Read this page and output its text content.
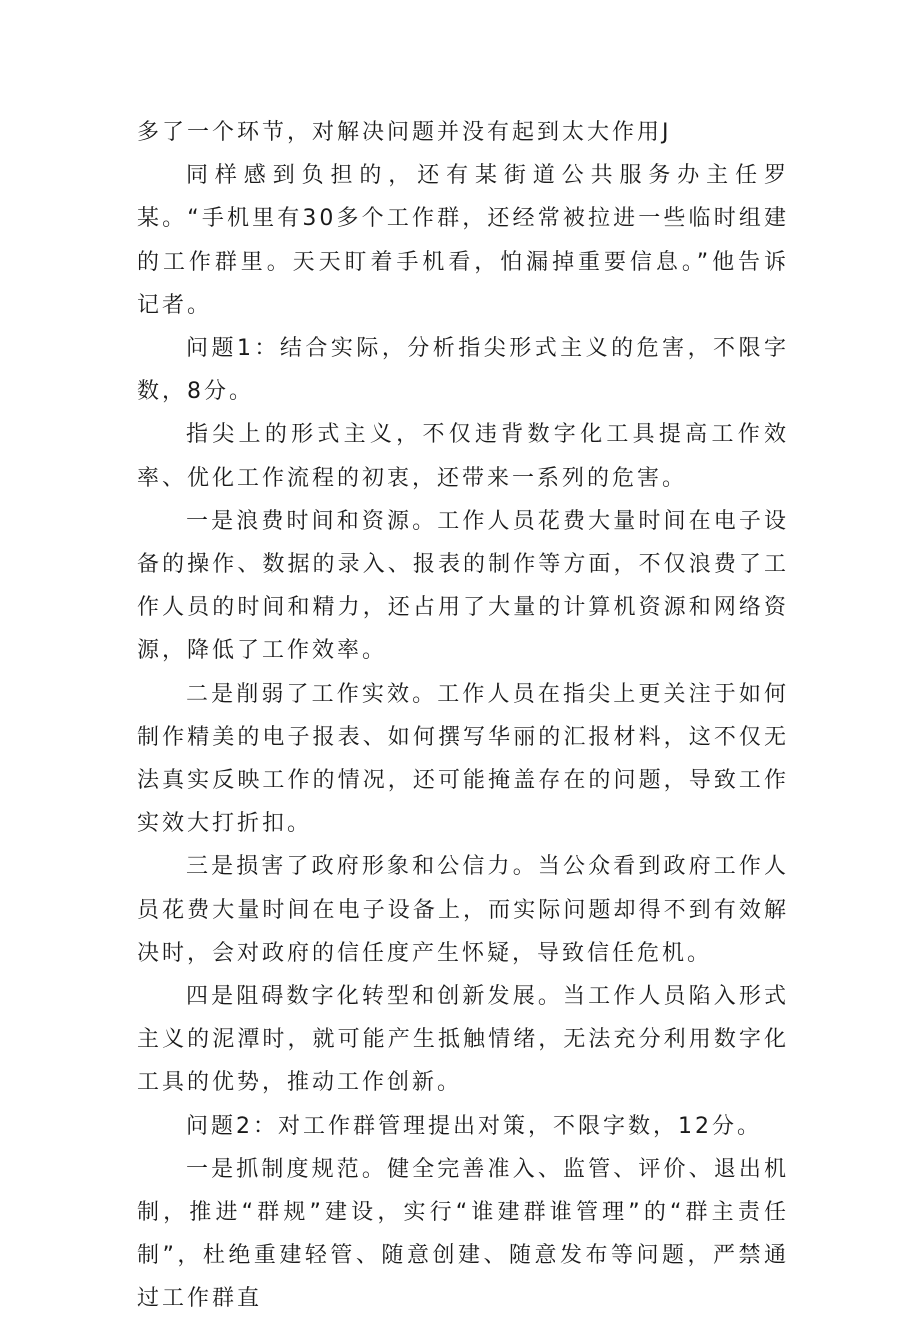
多了一个环节，对解决问题并没有起到太大作用J

同样感到负担的，还有某街道公共服务办主任罗某。“手机里有30多个工作群，还经常被拉进一些临时组建的工作群里。天天盯着手机看，怕漏掉重要信息。”他告诉记者。

问题1：结合实际，分析指尖形式主义的危害，不限字数，8分。

指尖上的形式主义，不仅违背数字化工具提高工作效率、优化工作流程的初衷，还带来一系列的危害。

一是浪费时间和资源。工作人员花费大量时间在电子设备的操作、数据的录入、报表的制作等方面，不仅浪费了工作人员的时间和精力，还占用了大量的计算机资源和网络资源，降低了工作效率。

二是削弱了工作实效。工作人员在指尖上更关注于如何制作精美的电子报表、如何撰写华丽的汇报材料，这不仅无法真实反映工作的情况，还可能掩盖存在的问题，导致工作实效大打折扣。

三是损害了政府形象和公信力。当公众看到政府工作人员花费大量时间在电子设备上，而实际问题却得不到有效解决时，会对政府的信任度产生怀疑，导致信任危机。

四是阻碍数字化转型和创新发展。当工作人员陷入形式主义的泥潭时，就可能产生抵触情绪，无法充分利用数字化工具的优势，推动工作创新。

问题2：对工作群管理提出对策，不限字数，12分。

一是抓制度规范。健全完善准入、监管、评价、退出机制，推进“群规”建设，实行“谁建群谁管理”的“群主责任制”，杜绝重建轻管、随意创建、随意发布等问题，严禁通过工作群直
